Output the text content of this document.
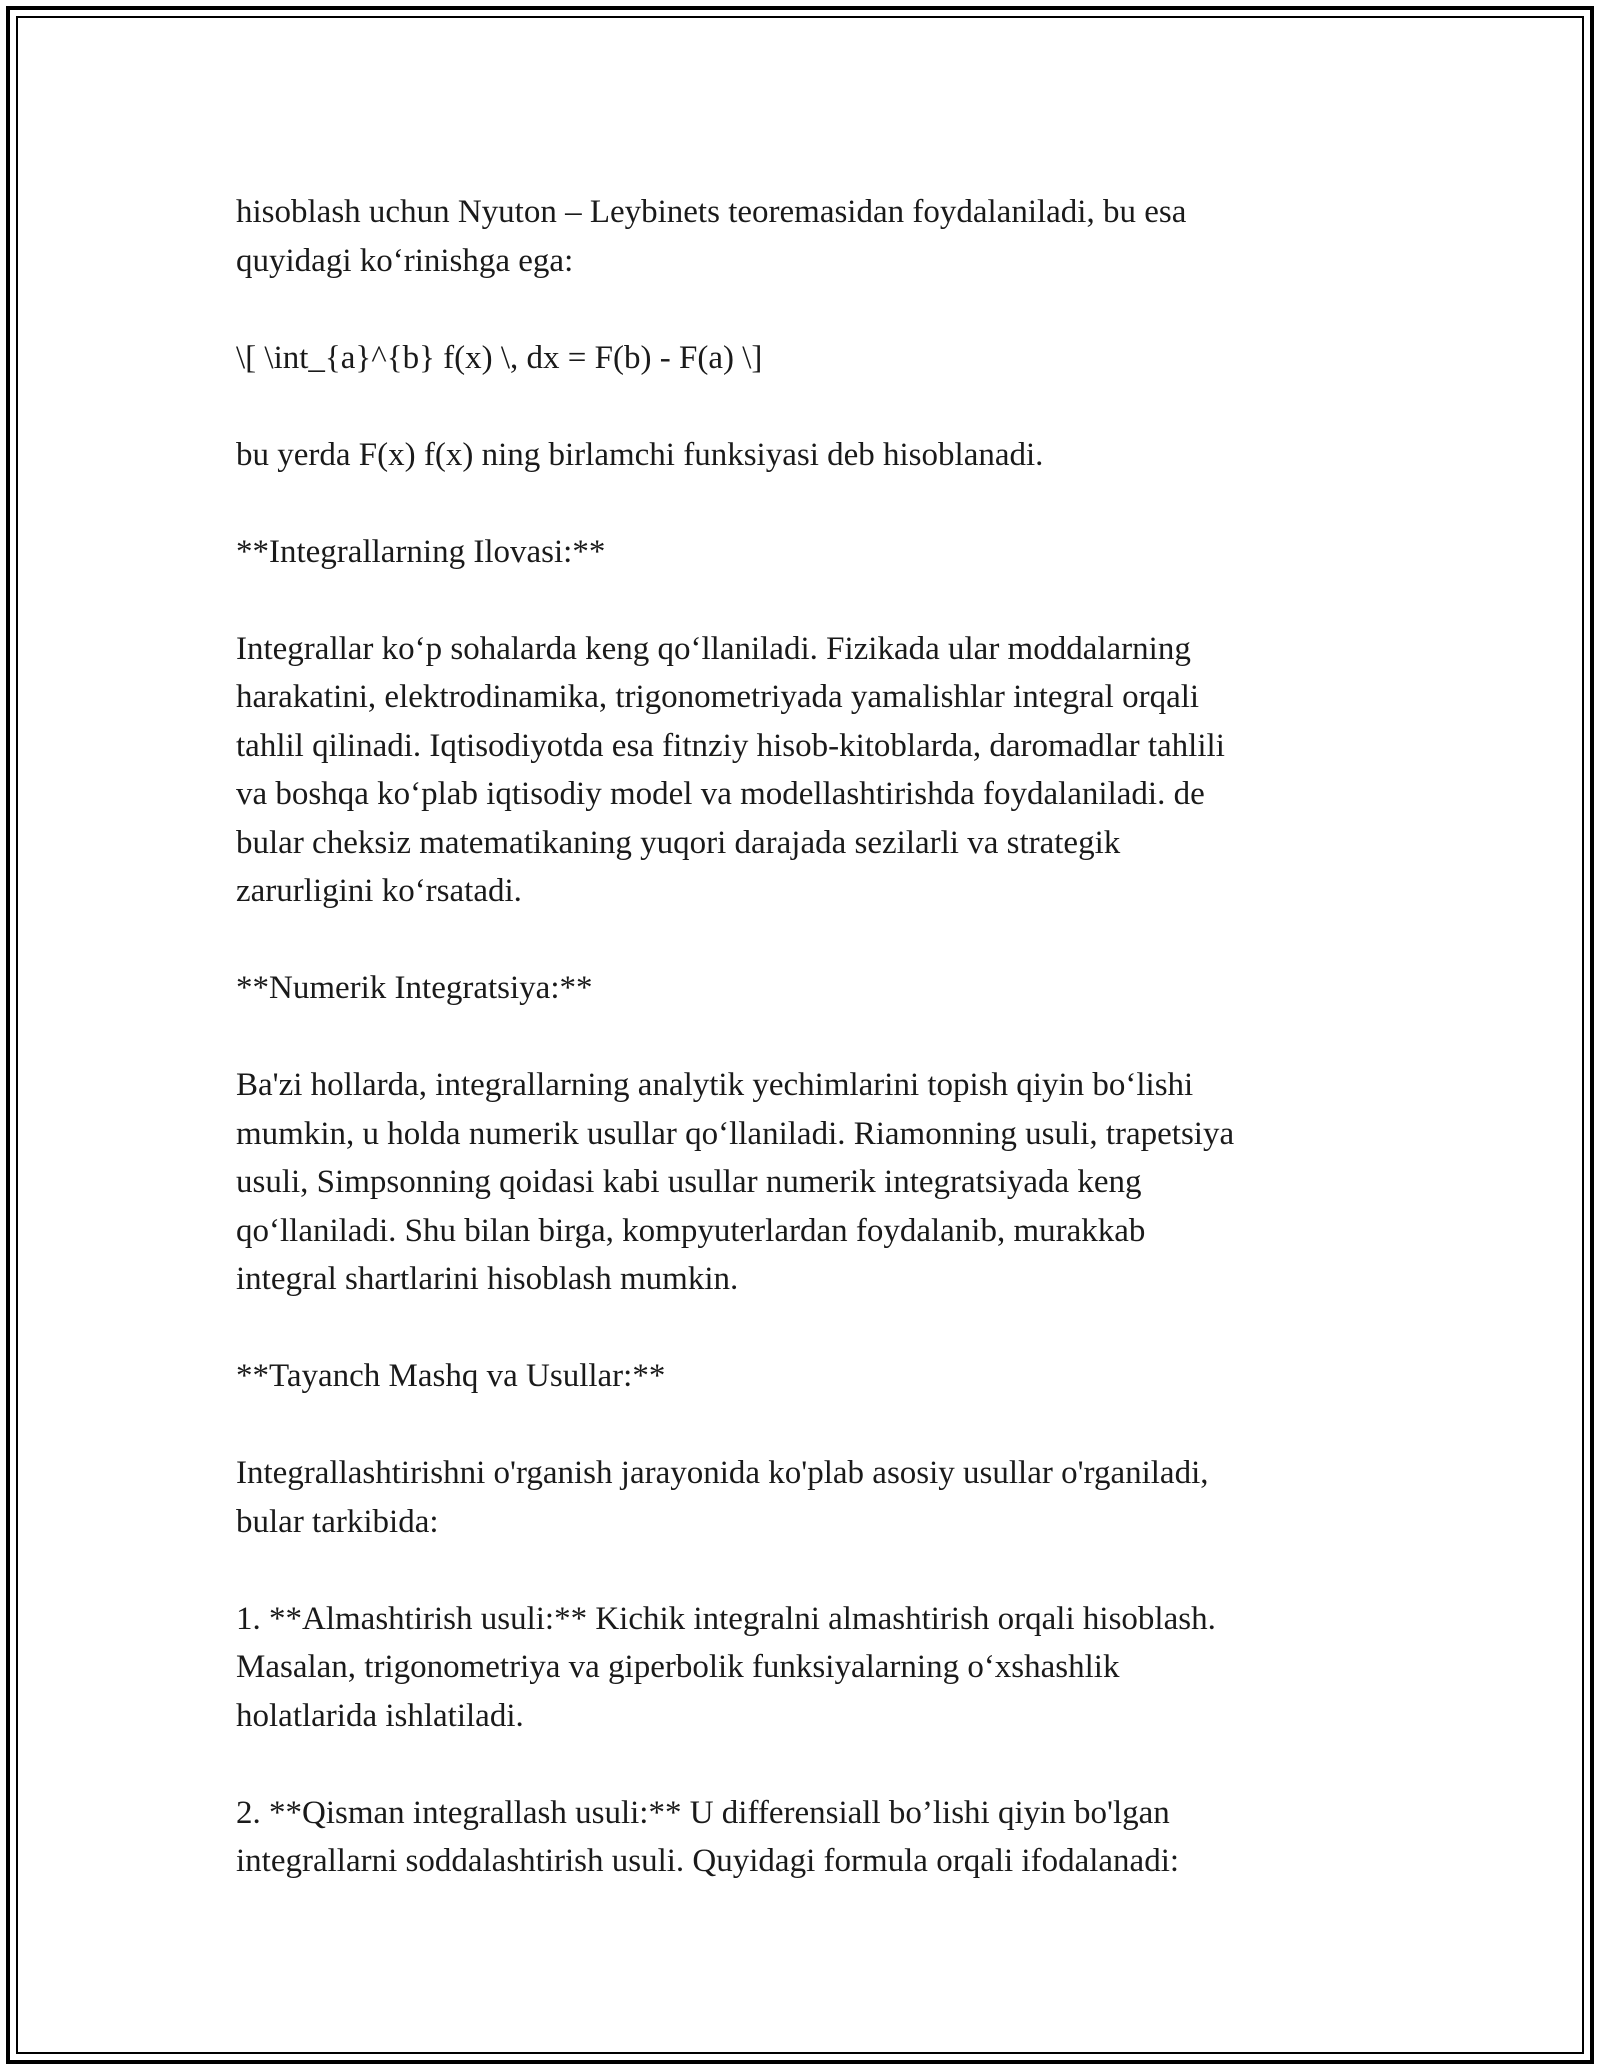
hisoblash uchun Nyuton – Leybinets teoremasidan foydalaniladi, bu esa
quyidagi ko‘rinishga ega:

\[ \int_{a}^{b} f(x) \, dx = F(b) - F(a) \]

bu yerda F(x) f(x) ning birlamchi funksiyasi deb hisoblanadi.

**Integrallarning Ilovasi:**

Integrallar ko‘p sohalarda keng qo‘llaniladi. Fizikada ular moddalarning
harakatini, elektrodinamika, trigonometriyada yamalishlar integral orqali
tahlil qilinadi. Iqtisodiyotda esa fitnziy hisob-kitoblarda, daromadlar tahlili
va boshqa ko‘plab iqtisodiy model va modellashtirishda foydalaniladi. de
bular cheksiz matematikaning yuqori darajada sezilarli va strategik
zarurligini ko‘rsatadi.

**Numerik Integratsiya:**

Ba'zi hollarda, integrallarning analytik yechimlarini topish qiyin bo‘lishi
mumkin, u holda numerik usullar qo‘llaniladi. Riamonning usuli, trapetsiya
usuli, Simpsonning qoidasi kabi usullar numerik integratsiyada keng
qo‘llaniladi. Shu bilan birga, kompyuterlardan foydalanib, murakkab
integral shartlarini hisoblash mumkin.

**Tayanch Mashq va Usullar:**

Integrallashtirishni o'rganish jarayonida ko'plab asosiy usullar o'rganiladi,
bular tarkibida:

1. **Almashtirish usuli:** Kichik integralni almashtirish orqali hisoblash.
Masalan, trigonometriya va giperbolik funksiyalarning o‘xshashlik
holatlarida ishlatiladi.

2. **Qisman integrallash usuli:** U differensiall bo’lishi qiyin bo'lgan
integrallarni soddalashtirish usuli. Quyidagi formula orqali ifodalanadi:
